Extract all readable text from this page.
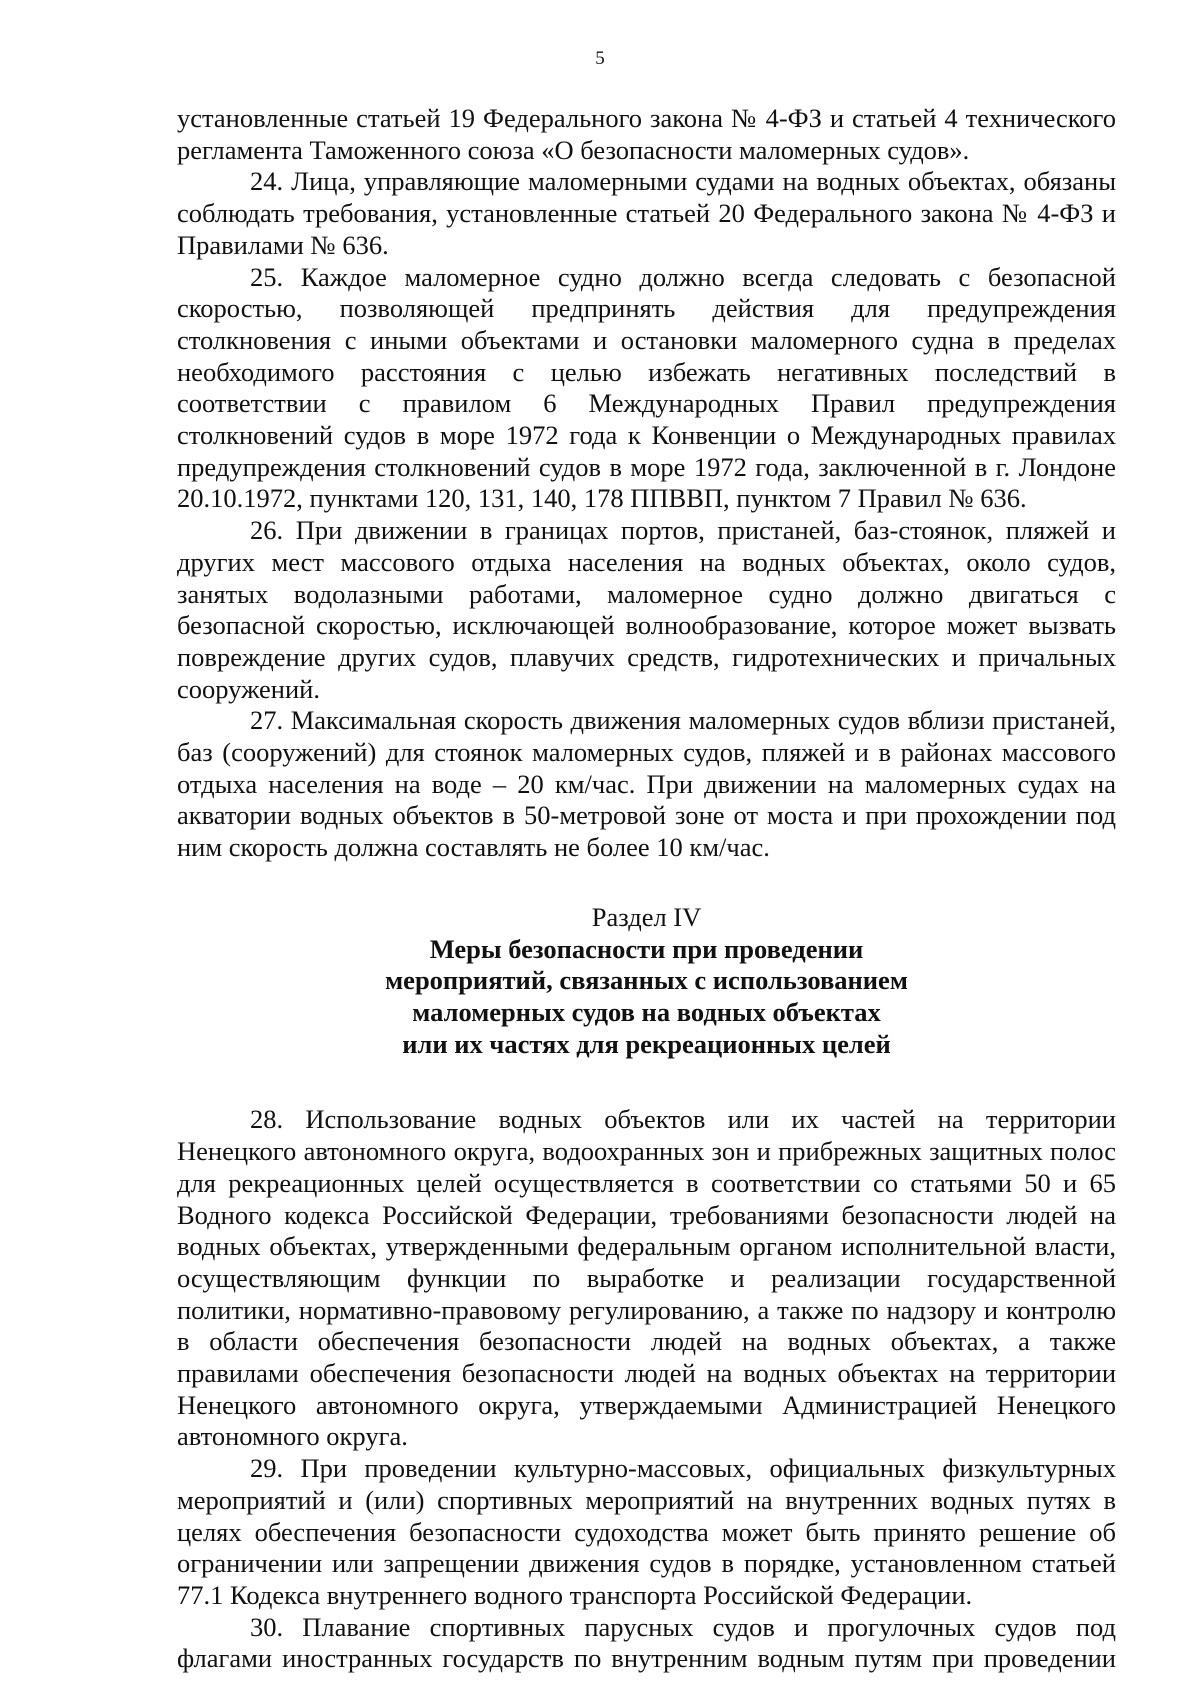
5

установленные статьей 19 Федерального закона № 4-ФЗ и статьей 4 технического регламента Таможенного союза «О безопасности маломерных судов».

24. Лица, управляющие маломерными судами на водных объектах, обязаны соблюдать требования, установленные статьей 20 Федерального закона № 4-ФЗ и Правилами № 636.

25. Каждое маломерное судно должно всегда следовать с безопасной скоростью, позволяющей предпринять действия для предупреждения столкновения с иными объектами и остановки маломерного судна в пределах необходимого расстояния с целью избежать негативных последствий в соответствии с правилом 6 Международных Правил предупреждения столкновений судов в море 1972 года к Конвенции о Международных правилах предупреждения столкновений судов в море 1972 года, заключенной в г. Лондоне 20.10.1972, пунктами 120, 131, 140, 178 ППВВП, пунктом 7 Правил № 636.

26. При движении в границах портов, пристаней, баз-стоянок, пляжей и других мест массового отдыха населения на водных объектах, около судов, занятых водолазными работами, маломерное судно должно двигаться с безопасной скоростью, исключающей волнообразование, которое может вызвать повреждение других судов, плавучих средств, гидротехнических и причальных сооружений.

27. Максимальная скорость движения маломерных судов вблизи пристаней, баз (сооружений) для стоянок маломерных судов, пляжей и в районах массового отдыха населения на воде – 20 км/час. При движении на маломерных судах на акватории водных объектов в 50-метровой зоне от моста и при прохождении под ним скорость должна составлять не более 10 км/час.

Раздел IV
Меры безопасности при проведении
мероприятий, связанных с использованием
маломерных судов на водных объектах
или их частях для рекреационных целей

28. Использование водных объектов или их частей на территории Ненецкого автономного округа, водоохранных зон и прибрежных защитных полос для рекреационных целей осуществляется в соответствии со статьями 50 и 65 Водного кодекса Российской Федерации, требованиями безопасности людей на водных объектах, утвержденными федеральным органом исполнительной власти, осуществляющим функции по выработке и реализации государственной политики, нормативно-правовому регулированию, а также по надзору и контролю в области обеспечения безопасности людей на водных объектах, а также правилами обеспечения безопасности людей на водных объектах на территории Ненецкого автономного округа, утверждаемыми Администрацией Ненецкого автономного округа.

29. При проведении культурно-массовых, официальных физкультурных мероприятий и (или) спортивных мероприятий на внутренних водных путях в целях обеспечения безопасности судоходства может быть принято решение об ограничении или запрещении движения судов в порядке, установленном статьей 77.1 Кодекса внутреннего водного транспорта Российской Федерации.

30. Плавание спортивных парусных судов и прогулочных судов под флагами иностранных государств по внутренним водным путям при проведении
